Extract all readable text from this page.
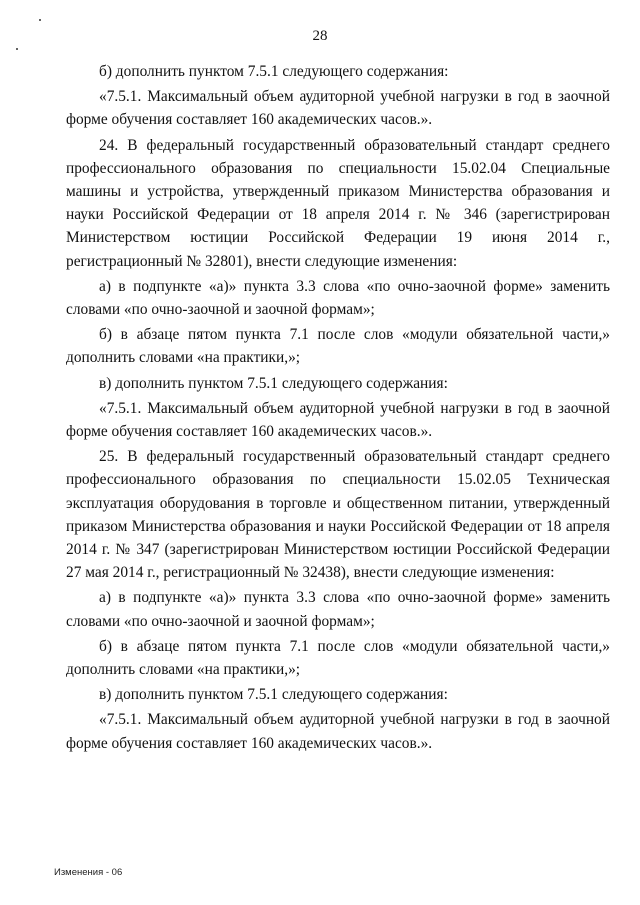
28

б) дополнить пунктом 7.5.1 следующего содержания:

«7.5.1. Максимальный объем аудиторной учебной нагрузки в год в заочной форме обучения составляет 160 академических часов.».

24. В федеральный государственный образовательный стандарт среднего профессионального образования по специальности 15.02.04 Специальные машины и устройства, утвержденный приказом Министерства образования и науки Российской Федерации от 18 апреля 2014 г. № 346 (зарегистрирован Министерством юстиции Российской Федерации 19 июня 2014 г., регистрационный № 32801), внести следующие изменения:

а) в подпункте «а)» пункта 3.3 слова «по очно-заочной форме» заменить словами «по очно-заочной и заочной формам»;

б) в абзаце пятом пункта 7.1 после слов «модули обязательной части,» дополнить словами «на практики,»;

в) дополнить пунктом 7.5.1 следующего содержания:

«7.5.1. Максимальный объем аудиторной учебной нагрузки в год в заочной форме обучения составляет 160 академических часов.».

25. В федеральный государственный образовательный стандарт среднего профессионального образования по специальности 15.02.05 Техническая эксплуатация оборудования в торговле и общественном питании, утвержденный приказом Министерства образования и науки Российской Федерации от 18 апреля 2014 г. № 347 (зарегистрирован Министерством юстиции Российской Федерации 27 мая 2014 г., регистрационный № 32438), внести следующие изменения:

а) в подпункте «а)» пункта 3.3 слова «по очно-заочной форме» заменить словами «по очно-заочной и заочной формам»;

б) в абзаце пятом пункта 7.1 после слов «модули обязательной части,» дополнить словами «на практики,»;

в) дополнить пунктом 7.5.1 следующего содержания:

«7.5.1. Максимальный объем аудиторной учебной нагрузки в год в заочной форме обучения составляет 160 академических часов.».

Изменения - 06
